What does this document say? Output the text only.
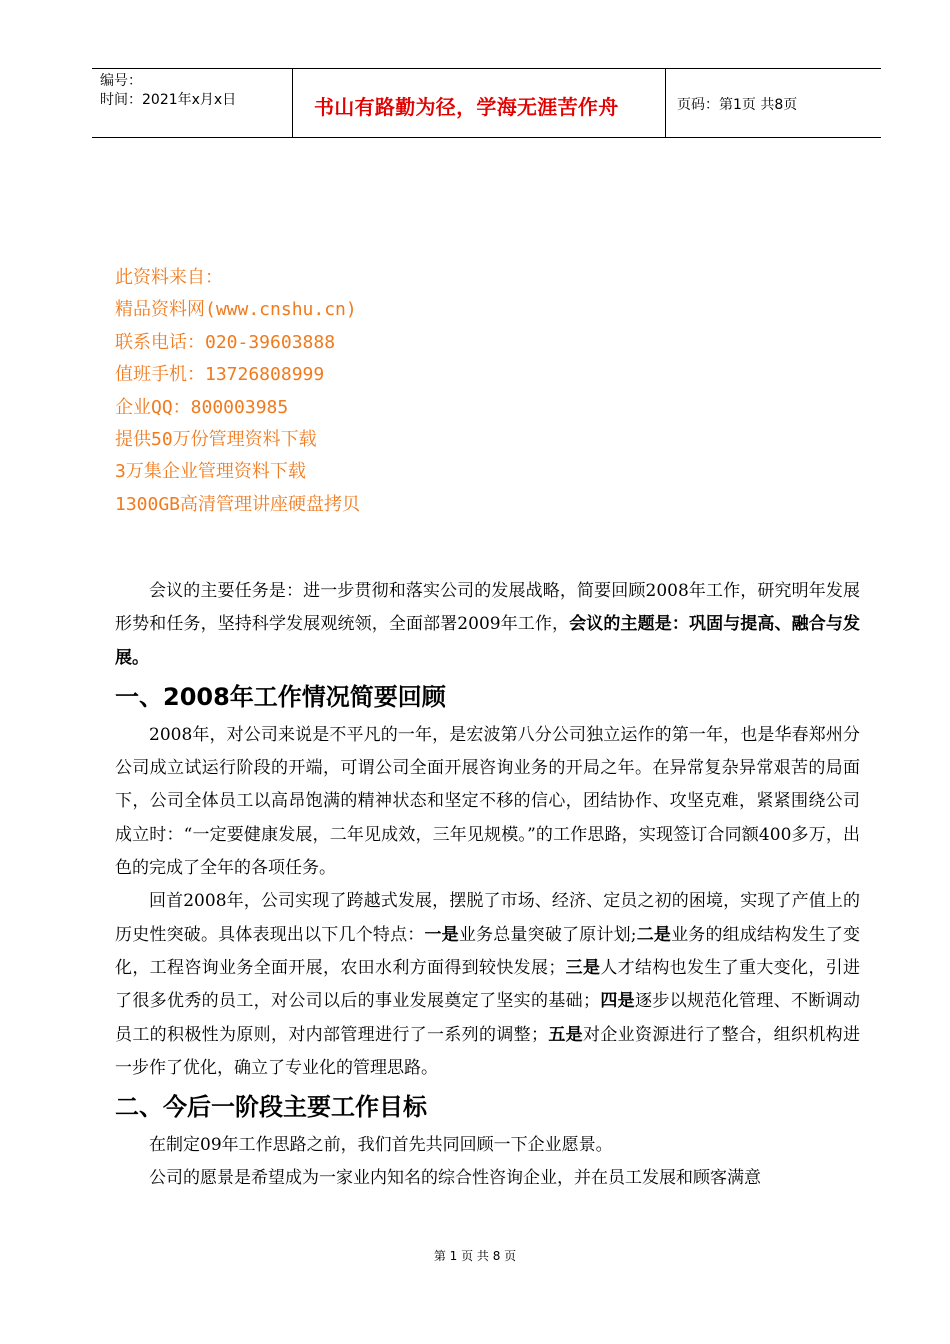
编号：
时间：2021年x月x日	书山有路勤为径，学海无涯苦作舟	页码：第1页 共8页
此资料来自：
精品资料网(www.cnshu.cn)
联系电话：020-39603888
值班手机：13726808999
企业QQ：800003985
提供50万份管理资料下载
3万集企业管理资料下载
1300GB高清管理讲座硬盘拷贝

会议的主要任务是：进一步贯彻和落实公司的发展战略，简要回顾2008年工作，研究明年发展形势和任务，坚持科学发展观统领，全面部署2009年工作，会议的主题是：巩固与提高、融合与发展。

一、2008年工作情况简要回顾

2008年，对公司来说是不平凡的一年，是宏波第八分公司独立运作的第一年，也是华春郑州分公司成立试运行阶段的开端，可谓公司全面开展咨询业务的开局之年。在异常复杂异常艰苦的局面下，公司全体员工以高昂饱满的精神状态和坚定不移的信心，团结协作、攻坚克难，紧紧围绕公司成立时：“一定要健康发展，二年见成效，三年见规模。”的工作思路，实现签订合同额400多万，出色的完成了全年的各项任务。

回首2008年，公司实现了跨越式发展，摆脱了市场、经济、定员之初的困境，实现了产值上的历史性突破。具体表现出以下几个特点：一是业务总量突破了原计划;二是业务的组成结构发生了变化，工程咨询业务全面开展，农田水利方面得到较快发展；三是人才结构也发生了重大变化，引进了很多优秀的员工，对公司以后的事业发展奠定了坚实的基础；四是逐步以规范化管理、不断调动员工的积极性为原则，对内部管理进行了一系列的调整；五是对企业资源进行了整合，组织机构进一步作了优化，确立了专业化的管理思路。

二、今后一阶段主要工作目标

在制定09年工作思路之前，我们首先共同回顾一下企业愿景。

公司的愿景是希望成为一家业内知名的综合性咨询企业，并在员工发展和顾客满意

第 1 页 共 8 页
